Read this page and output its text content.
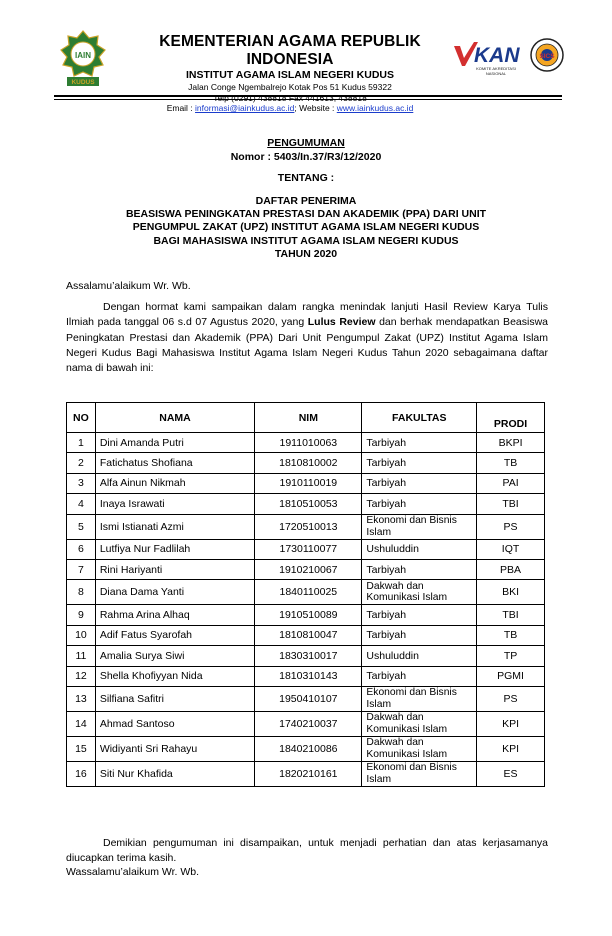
IAIN
KUDUS
KEMENTERIAN AGAMA REPUBLIK INDONESIA
INSTITUT AGAMA ISLAM NEGERI KUDUS
Jalan Conge Ngembalrejo Kotak Pos 51 Kudus 59322
Telp (0291) 438818 Fax 441613, 438818
Email : informasi@iainkudus.ac.id; Website : www.iainkudus.ac.id
KAN
KOMITE AKREDITASI NASIONAL
SICS
PENGUMUMAN
Nomor : 5403/In.37/R3/12/2020
TENTANG :
DAFTAR PENERIMA
BEASISWA PENINGKATAN PRESTASI DAN AKADEMIK (PPA) DARI UNIT
PENGUMPUL ZAKAT (UPZ) INSTITUT AGAMA ISLAM NEGERI KUDUS
BAGI MAHASISWA INSTITUT AGAMA ISLAM NEGERI KUDUS
TAHUN 2020
Assalamu’alaikum Wr. Wb.
Dengan hormat kami sampaikan dalam rangka menindak lanjuti Hasil Review Karya Tulis Ilmiah pada tanggal 06 s.d 07 Agustus 2020, yang Lulus Review dan berhak mendapatkan Beasiswa Peningkatan Prestasi dan Akademik (PPA) Dari Unit Pengumpul Zakat (UPZ) Institut Agama Islam Negeri Kudus Bagi Mahasiswa Institut Agama Islam Negeri Kudus Tahun 2020 sebagaimana daftar nama di bawah ini:
NO	NAMA	NIM	FAKULTAS	PRODI
1	Dini Amanda Putri	1911010063	Tarbiyah	BKPI
2	Fatichatus Shofiana	1810810002	Tarbiyah	TB
3	Alfa Ainun Nikmah	1910110019	Tarbiyah	PAI
4	Inaya Israwati	1810510053	Tarbiyah	TBI
5	Ismi Istianati Azmi	1720510013	Ekonomi dan Bisnis Islam	PS
6	Lutfiya Nur Fadlilah	1730110077	Ushuluddin	IQT
7	Rini Hariyanti	1910210067	Tarbiyah	PBA
8	Diana Dama Yanti	1840110025	Dakwah dan Komunikasi Islam	BKI
9	Rahma Arina Alhaq	1910510089	Tarbiyah	TBI
10	Adif Fatus Syarofah	1810810047	Tarbiyah	TB
11	Amalia Surya Siwi	1830310017	Ushuluddin	TP
12	Shella Khofiyyan Nida	1810310143	Tarbiyah	PGMI
13	Silfiana Safitri	1950410107	Ekonomi dan Bisnis Islam	PS
14	Ahmad Santoso	1740210037	Dakwah dan Komunikasi Islam	KPI
15	Widiyanti Sri Rahayu	1840210086	Dakwah dan Komunikasi Islam	KPI
16	Siti Nur Khafida	1820210161	Ekonomi dan Bisnis Islam	ES
Demikian pengumuman ini disampaikan, untuk menjadi perhatian dan atas kerjasamanya diucapkan terima kasih.
Wassalamu’alaikum Wr. Wb.
